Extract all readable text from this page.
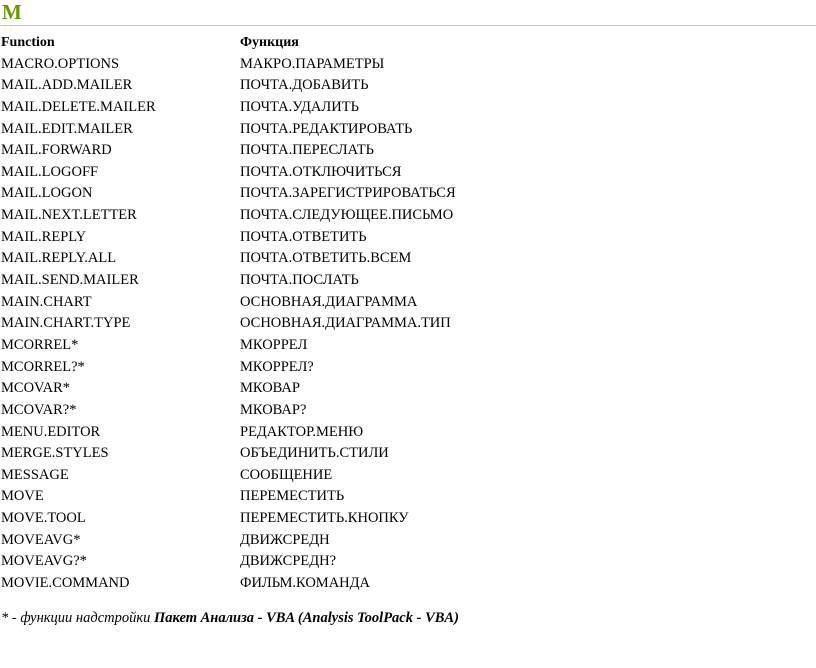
M
Function	Функция
MACRO.OPTIONS	МАКРО.ПАРАМЕТРЫ
MAIL.ADD.MAILER	ПОЧТА.ДОБАВИТЬ
MAIL.DELETE.MAILER	ПОЧТА.УДАЛИТЬ
MAIL.EDIT.MAILER	ПОЧТА.РЕДАКТИРОВАТЬ
MAIL.FORWARD	ПОЧТА.ПЕРЕСЛАТЬ
MAIL.LOGOFF	ПОЧТА.ОТКЛЮЧИТЬСЯ
MAIL.LOGON	ПОЧТА.ЗАРЕГИСТРИРОВАТЬСЯ
MAIL.NEXT.LETTER	ПОЧТА.СЛЕДУЮЩЕЕ.ПИСЬМО
MAIL.REPLY	ПОЧТА.ОТВЕТИТЬ
MAIL.REPLY.ALL	ПОЧТА.ОТВЕТИТЬ.ВСЕМ
MAIL.SEND.MAILER	ПОЧТА.ПОСЛАТЬ
MAIN.CHART	ОСНОВНАЯ.ДИАГРАММА
MAIN.CHART.TYPE	ОСНОВНАЯ.ДИАГРАММА.ТИП
MCORREL*	МКОРРЕЛ
MCORREL?*	МКОРРЕЛ?
MCOVAR*	МКОВАР
MCOVAR?*	МКОВАР?
MENU.EDITOR	РЕДАКТОР.МЕНЮ
MERGE.STYLES	ОБЪЕДИНИТЬ.СТИЛИ
MESSAGE	СООБЩЕНИЕ
MOVE	ПЕРЕМЕСТИТЬ
MOVE.TOOL	ПЕРЕМЕСТИТЬ.КНОПКУ
MOVEAVG*	ДВИЖСРЕДН
MOVEAVG?*	ДВИЖСРЕДН?
MOVIE.COMMAND	ФИЛЬМ.КОМАНДА
* - функции надстройки Пакет Анализа - VBA (Analysis ToolPack - VBA)
